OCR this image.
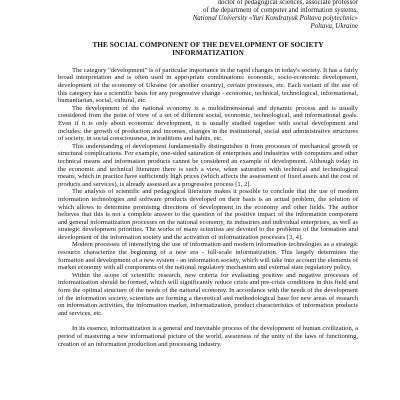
doctor of pedagogical sciences, associate professor
of the department of computer and information systems,
National University «Yuri Kondratyuk Poltava polytechnic»
Poltava, Ukraine
THE SOCIAL COMPONENT OF THE DEVELOPMENT OF SOCIETY
INFORMATIZATION

The category "development" is of particular importance in the rapid changes in today's society. It has a fairly broad interpretation and is often used in appropriate combinations: economic, socio-economic development, development of the economy of Ukraine (or another country), certain processes, etc. Each variant of the use of this category has a scientific basis for any progressive change - economic, technical, technological, informational, humanitarian, social, cultural, etc.

The development of the national economy is a multidimensional and dynamic process and is usually considered from the point of view of a set of different social, economic, technological, and informational goals. Even if it is only about economic development, it is usually studied together with social development and includes: the growth of production and incomes, changes in the institutional, social and administrative structures of society, in social consciousness, in traditions and habits, etc.

This understanding of development fundamentally distinguishes it from processes of mechanical growth or structural complications. For example, one-sided saturation of enterprises and industries with computers and other technical means and information products cannot be considered an example of development. Although today in the economic and technical literature there is such a view, when saturation with technical and technological means, which in practice have sufficiently high prices (which affects the assessment of fixed assets and the cost of products and services), is already assessed as a progressive process [1, 2].

The analysis of scientific and pedagogical literature makes it possible to conclude that the use of modern information technologies and software products developed on their basis is an actual problem, the solution of which allows to determine promising directions of development in the economy and other fields. The author believes that this is not a complete answer to the question of the positive impact of the information component and general informatization processes on the national economy, its industries and individual enterprises, as well as strategic development priorities. The works of many scientists are devoted to the problems of the formation and development of the information society and the activation of informatization processes [3, 4].

Modern processes of intensifying the use of information and modern information technologies as a strategic resource characterize the beginning of a new era - full-scale informatization. This largely determines the formation and development of a new system - an information society, which will take into account the elements of market economy with all components of the national regulatory mechanism and external state regulatory policy.

Within the scope of scientific research, new criteria for evaluating positive and negative processes of informatization should be formed, which will significantly reduce crisis and pre-crisis conditions in this field and form the optimal structure of the needs of the national economy. In accordance with the needs of the development of the information society, scientists are forming a theoretical and methodological base for new areas of research on information activities, the information market, informatization, product characteristics of information products and services, etc.

In its essence, informatization is a general and inevitable process of the development of human civilization, a period of mastering a new informational picture of the world, awareness of the unity of the laws of functioning, creation of an information production and processing industry.
